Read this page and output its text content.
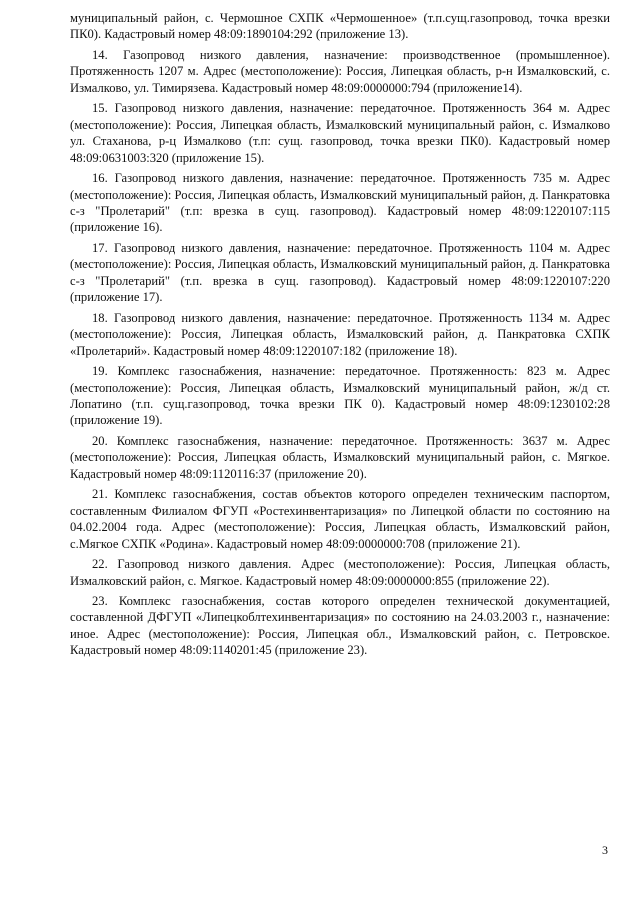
муниципальный район, с. Чермошное СХПК «Чермошенное» (т.п.сущ.газопровод, точка врезки ПК0). Кадастровый номер 48:09:1890104:292 (приложение 13).

14. Газопровод низкого давления, назначение: производственное (промышленное). Протяженность 1207 м. Адрес (местоположение): Россия, Липецкая область, р-н Измалковский, с. Измалково, ул. Тимирязева. Кадастровый номер 48:09:0000000:794 (приложение14).

15. Газопровод низкого давления, назначение: передаточное. Протяженность 364 м. Адрес (местоположение): Россия, Липецкая область, Измалковский муниципальный район, с. Измалково ул. Стаханова, р-ц Измалково (т.п: сущ. газопровод, точка врезки ПК0). Кадастровый номер 48:09:0631003:320 (приложение 15).

16. Газопровод низкого давления, назначение: передаточное. Протяженность 735 м. Адрес (местоположение): Россия, Липецкая область, Измалковский муниципальный район, д. Панкратовка с-з "Пролетарий" (т.п: врезка в сущ. газопровод). Кадастровый номер 48:09:1220107:115 (приложение 16).

17. Газопровод низкого давления, назначение: передаточное. Протяженность 1104 м. Адрес (местоположение): Россия, Липецкая область, Измалковский муниципальный район, д. Панкратовка с-з "Пролетарий" (т.п. врезка в сущ. газопровод). Кадастровый номер 48:09:1220107:220 (приложение 17).

18. Газопровод низкого давления, назначение: передаточное. Протяженность 1134 м. Адрес (местоположение): Россия, Липецкая область, Измалковский район, д. Панкратовка СХПК «Пролетарий». Кадастровый номер 48:09:1220107:182 (приложение 18).

19. Комплекс газоснабжения, назначение: передаточное. Протяженность: 823 м. Адрес (местоположение): Россия, Липецкая область, Измалковский муниципальный район, ж/д ст. Лопатино (т.п. сущ.газопровод, точка врезки ПК 0). Кадастровый номер 48:09:1230102:28 (приложение 19).

20. Комплекс газоснабжения, назначение: передаточное. Протяженность: 3637 м. Адрес (местоположение): Россия, Липецкая область, Измалковский муниципальный район, с. Мягкое. Кадастровый номер 48:09:1120116:37 (приложение 20).

21. Комплекс газоснабжения, состав объектов которого определен техническим паспортом, составленным Филиалом ФГУП «Ростехинвентаризация» по Липецкой области по состоянию на 04.02.2004 года. Адрес (местоположение): Россия, Липецкая область, Измалковский район, с.Мягкое СХПК «Родина». Кадастровый номер 48:09:0000000:708 (приложение 21).

22. Газопровод низкого давления. Адрес (местоположение): Россия, Липецкая область, Измалковский район, с. Мягкое. Кадастровый номер 48:09:0000000:855 (приложение 22).

23. Комплекс газоснабжения, состав которого определен технической документацией, составленной ДФГУП «Липецкоблтехинвентаризация» по состоянию на 24.03.2003 г., назначение: иное. Адрес (местоположение): Россия, Липецкая обл., Измалковский район, с. Петровское. Кадастровый номер 48:09:1140201:45 (приложение 23).

3
